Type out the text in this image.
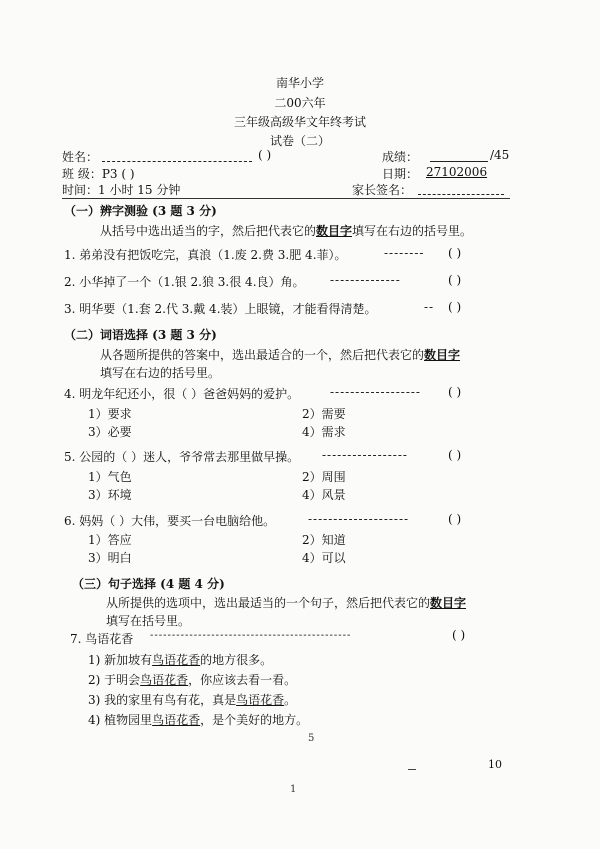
南华小学
二00六年
三年级高级华文年终考试
试卷（二）
姓名：	( )	成绩：	/45
班 级：P3 ( )	日期： 27102006
时间：1 小时 15 分钟	家长签名：
（一）辨字测验 (3 题 3 分)
从括号中选出适当的字，然后把代表它的数目字填写在右边的括号里。
1. 弟弟没有把饭吃完，真浪（1.废 2.费 3.肥 4.菲）。	-------- ( )
2. 小华掉了一个（1.银 2.狼 3.很 4.良）角。 --------------	( )
3. 明华要（1.套 2.代 3.戴 4.装）上眼镜，才能看得清楚。	-- ( )
（二）词语选择 (3 题 3 分)
从各题所提供的答案中，选出最适合的一个，然后把代表它的数目字
填写在右边的括号里。
4. 明龙年纪还小，很（ ）爸爸妈妈的爱护。	------------------ ( )
1）要求	2）需要
3）必要	4）需求
5. 公园的（ ）迷人，爷爷常去那里做早操。 -----------------	( )
1）气色	2）周围
3）环境	4）风景
6. 妈妈（ ）大伟，要买一台电脑给他。	--------------------	( )
1）答应	2）知道
3）明白	4）可以
（三）句子选择 (4 题 4 分)
从所提供的选项中，选出最适当的一个句子，然后把代表它的数目字
填写在括号里。
7. 鸟语花香 ----------------------------------------------	( )
1) 新加坡有鸟语花香的地方很多。
2) 于明会鸟语花香，你应该去看一看。
3) 我的家里有鸟有花，真是鸟语花香。
4) 植物园里鸟语花香，是个美好的地方。
5
10
1
